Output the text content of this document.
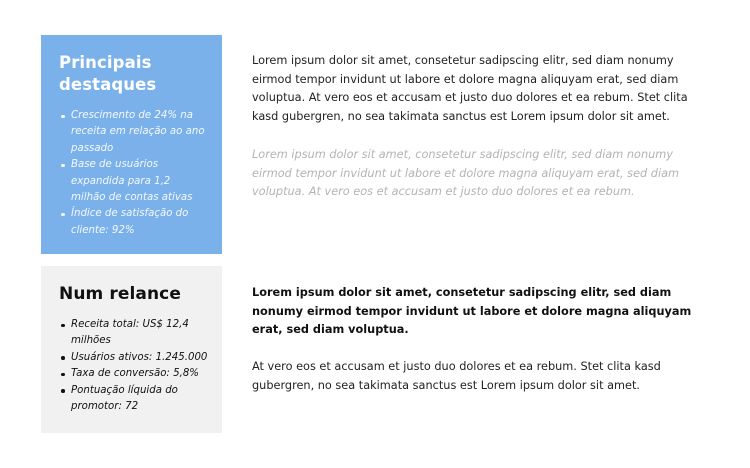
Principais destaques
Crescimento de 24% na receita em relação ao ano passado
Base de usuários expandida para 1,2 milhão de contas ativas
Índice de satisfação do cliente: 92%
Num relance
Receita total: US$ 12,4 milhões
Usuários ativos: 1.245.000
Taxa de conversão: 5,8%
Pontuação líquida do promotor: 72

Lorem ipsum dolor sit amet, consetetur sadipscing elitr, sed diam nonumy eirmod tempor invidunt ut labore et dolore magna aliquyam erat, sed diam voluptua. At vero eos et accusam et justo duo dolores et ea rebum. Stet clita kasd gubergren, no sea takimata sanctus est Lorem ipsum dolor sit amet.

Lorem ipsum dolor sit amet, consetetur sadipscing elitr, sed diam nonumy eirmod tempor invidunt ut labore et dolore magna aliquyam erat, sed diam voluptua. At vero eos et accusam et justo duo dolores et ea rebum.

Lorem ipsum dolor sit amet, consetetur sadipscing elitr, sed diam nonumy eirmod tempor invidunt ut labore et dolore magna aliquyam erat, sed diam voluptua.

At vero eos et accusam et justo duo dolores et ea rebum. Stet clita kasd gubergren, no sea takimata sanctus est Lorem ipsum dolor sit amet.
